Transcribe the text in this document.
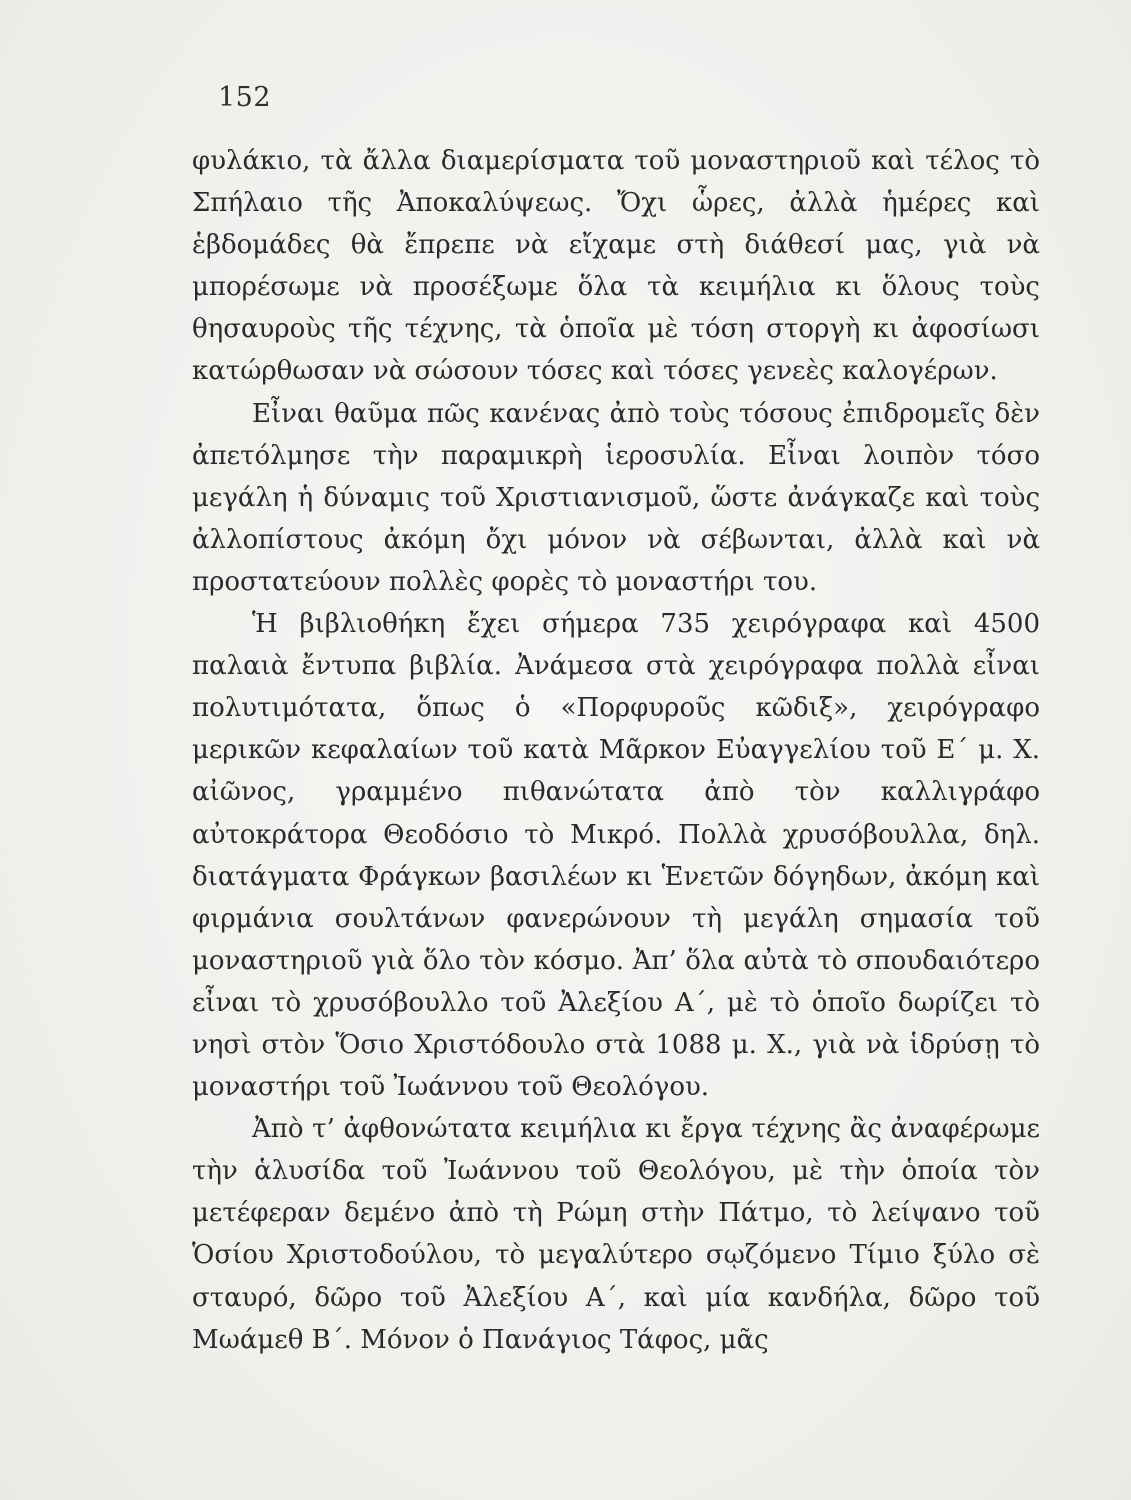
152

φυλάκιο, τὰ ἄλλα διαμερίσματα τοῦ μοναστηριοῦ καὶ τέλος τὸ Σπήλαιο τῆς Ἀποκαλύψεως. Ὄχι ὧρες, ἀλλὰ ἡμέρες καὶ ἑβδομάδες θὰ ἔπρεπε νὰ εἴχαμε στὴ διάθεσί μας, γιὰ νὰ μπορέσωμε νὰ προσέξωμε ὅλα τὰ κειμήλια κι ὅλους τοὺς θησαυροὺς τῆς τέχνης, τὰ ὁποῖα μὲ τόση στοργὴ κι ἀφοσίωσι κατώρθωσαν νὰ σώσουν τόσες καὶ τόσες γενεὲς καλογέρων.

Εἶναι θαῦμα πῶς κανένας ἀπὸ τοὺς τόσους ἐπιδρομεῖς δὲν ἀπετόλμησε τὴν παραμικρὴ ἱεροσυλία. Εἶναι λοιπὸν τόσο μεγάλη ἡ δύναμις τοῦ Χριστιανισμοῦ, ὥστε ἀνάγκαζε καὶ τοὺς ἀλλοπίστους ἀκόμη ὄχι μόνον νὰ σέβωνται, ἀλλὰ καὶ νὰ προστατεύουν πολλὲς φορὲς τὸ μοναστήρι του.

Ἡ βιβλιοθήκη ἔχει σήμερα 735 χειρόγραφα καὶ 4500 παλαιὰ ἔντυπα βιβλία. Ἀνάμεσα στὰ χειρόγραφα πολλὰ εἶναι πολυτιμότατα, ὅπως ὁ «Πορφυροῦς κῶδιξ», χειρόγραφο μερικῶν κεφαλαίων τοῦ κατὰ Μᾶρκον Εὐαγγελίου τοῦ Ε΄ μ. Χ. αἰῶνος, γραμμένο πιθανώτατα ἀπὸ τὸν καλλιγράφο αὐτοκράτορα Θεοδόσιο τὸ Μικρό. Πολλὰ χρυσόβουλλα, δηλ. διατάγματα Φράγκων βασιλέων κι Ἑνετῶν δόγηδων, ἀκόμη καὶ φιρμάνια σουλτάνων φανερώνουν τὴ μεγάλη σημασία τοῦ μοναστηριοῦ γιὰ ὅλο τὸν κόσμο. Ἀπ’ ὅλα αὐτὰ τὸ σπουδαιότερο εἶναι τὸ χρυσόβουλλο τοῦ Ἀλεξίου Α΄, μὲ τὸ ὁποῖο δωρίζει τὸ νησὶ στὸν Ὅσιο Χριστόδουλο στὰ 1088 μ. Χ., γιὰ νὰ ἱδρύσῃ τὸ μοναστήρι τοῦ Ἰωάννου τοῦ Θεολόγου.

Ἀπὸ τ’ ἀφθονώτατα κειμήλια κι ἔργα τέχνης ἂς ἀναφέρωμε τὴν ἁλυσίδα τοῦ Ἰωάννου τοῦ Θεολόγου, μὲ τὴν ὁποία τὸν μετέφεραν δεμένο ἀπὸ τὴ Ρώμη στὴν Πάτμο, τὸ λείψανο τοῦ Ὁσίου Χριστοδούλου, τὸ μεγαλύτερο σῳζόμενο Τίμιο ξύλο σὲ σταυρό, δῶρο τοῦ Ἀλεξίου Α΄, καὶ μία κανδήλα, δῶρο τοῦ Μωάμεθ Β΄. Μόνον ὁ Πανάγιος Τάφος, μᾶς
